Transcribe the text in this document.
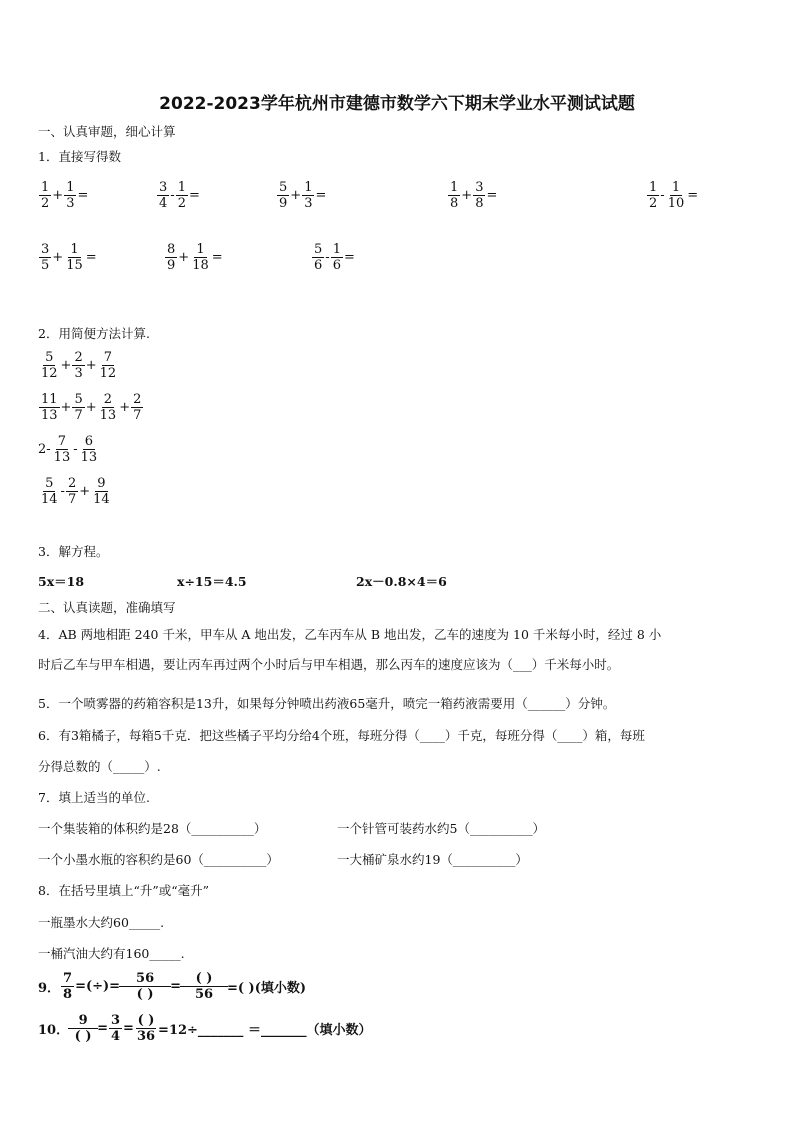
2022-2023学年杭州市建德市数学六下期末学业水平测试试题
一、认真审题，细心计算
1．直接写得数
$\frac{1}{2} + \frac{1}{3}$ =	$\frac{3}{4} - \frac{1}{2}$ =	$\frac{5}{9} + \frac{1}{3}$ =	$\frac{1}{8} + \frac{3}{8}$ =	$\frac{1}{2} - \frac{1}{10}$ =
$\frac{3}{5} + \frac{1}{15}$ =	$\frac{8}{9} + \frac{1}{18}$ =	$\frac{5}{6} - \frac{1}{6}$ =
2．用简便方法计算.
$\frac{5}{12} + \frac{2}{3} + \frac{7}{12}$
$\frac{11}{13} + \frac{5}{7} + \frac{2}{13} + \frac{2}{7}$
$2- \frac{7}{13} - \frac{6}{13}$
$\frac{5}{14} - \frac{2}{7} + \frac{9}{14}$
3．解方程。
5x＝18	x÷15＝4.5	2x－0.8×4＝6
二、认真读题，准确填写
4．AB 两地相距 240 千米，甲车从 A 地出发，乙车丙车从 B 地出发，乙车的速度为 10 千米每小时，经过 8 小
时后乙车与甲车相遇，要让丙车再过两个小时后与甲车相遇，那么丙车的速度应该为（___）千米每小时。
5．一个喷雾器的药箱容积是13升，如果每分钟喷出药液65毫升，喷完一箱药液需要用（______）分钟。
6．有3箱橘子，每箱5千克．把这些橘子平均分给4个班，每班分得（____）千克，每班分得（____）箱，每班
分得总数的（_____）.
7．填上适当的单位.
一个集装箱的体积约是28（__________）	一个针管可装药水约5（__________）
一个小墨水瓶的容积约是60（__________）	一大桶矿泉水约19（__________）
8．在括号里填上“升”或“毫升”
一瓶墨水大约60_____.
一桶汽油大约有160_____.
9． $\frac{7}{8}$ =(÷)= $\frac{56}{( )} = \frac{( )}{56}$ =( )(填小数)
10． $\frac{9}{( )} = \frac{3}{4} = \frac{( )}{36}$ =12÷_______ ＝_______（填小数）
